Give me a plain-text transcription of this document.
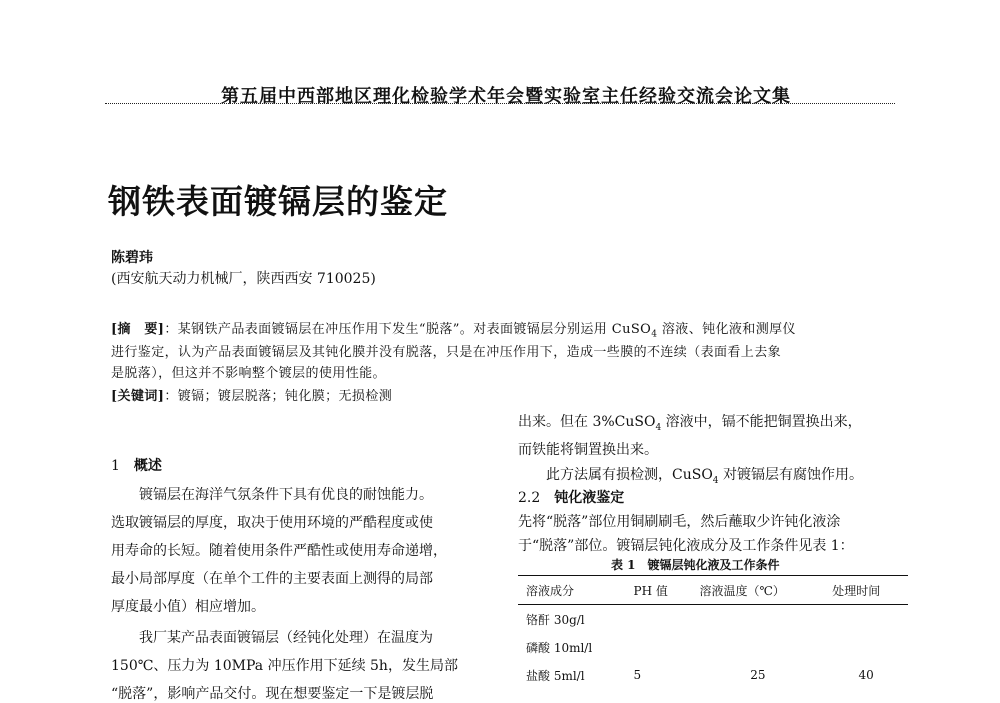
第五届中西部地区理化检验学术年会暨实验室主任经验交流会论文集
钢铁表面镀镉层的鉴定
陈碧玮
(西安航天动力机械厂，陕西西安 710025)
[摘　要]：某钢铁产品表面镀镉层在冲压作用下发生“脱落”。对表面镀镉层分别运用 CuSO$_4$ 溶液、钝化液和测厚仪
进行鉴定，认为产品表面镀镉层及其钝化膜并没有脱落，只是在冲压作用下，造成一些膜的不连续（表面看上去象
是脱落），但这并不影响整个镀层的使用性能。
[关键词]：镀镉；镀层脱落；钝化膜；无损检测
1　 概述
　　镀镉层在海洋气氛条件下具有优良的耐蚀能力。
选取镀镉层的厚度，取决于使用环境的严酷程度或使
用寿命的长短。随着使用条件严酷性或使用寿命递增，
最小局部厚度（在单个工件的主要表面上测得的局部
厚度最小值）相应增加。
　　我厂某产品表面镀镉层（经钝化处理）在温度为
150℃、压力为 10MPa 冲压作用下延续 5h，发生局部
“脱落”，影响产品交付。现在想要鉴定一下是镀层脱
出来。但在 3%CuSO$_4$ 溶液中，镉不能把铜置换出来，
而铁能将铜置换出来。
　　此方法属有损检测，CuSO$_4$ 对镀镉层有腐蚀作用。
2.2　 钝化液鉴定
先将“脱落”部位用铜刷刷毛，然后蘸取少许钝化液涂
于“脱落”部位。镀镉层钝化液成分及工作条件见表 1：
表 1　镀镉层钝化液及工作条件
溶液成分	PH 值	溶液温度（℃）	处理时间
铬酐 30g/l			
磷酸 10ml/l			
盐酸 5ml/l	5	25	40
